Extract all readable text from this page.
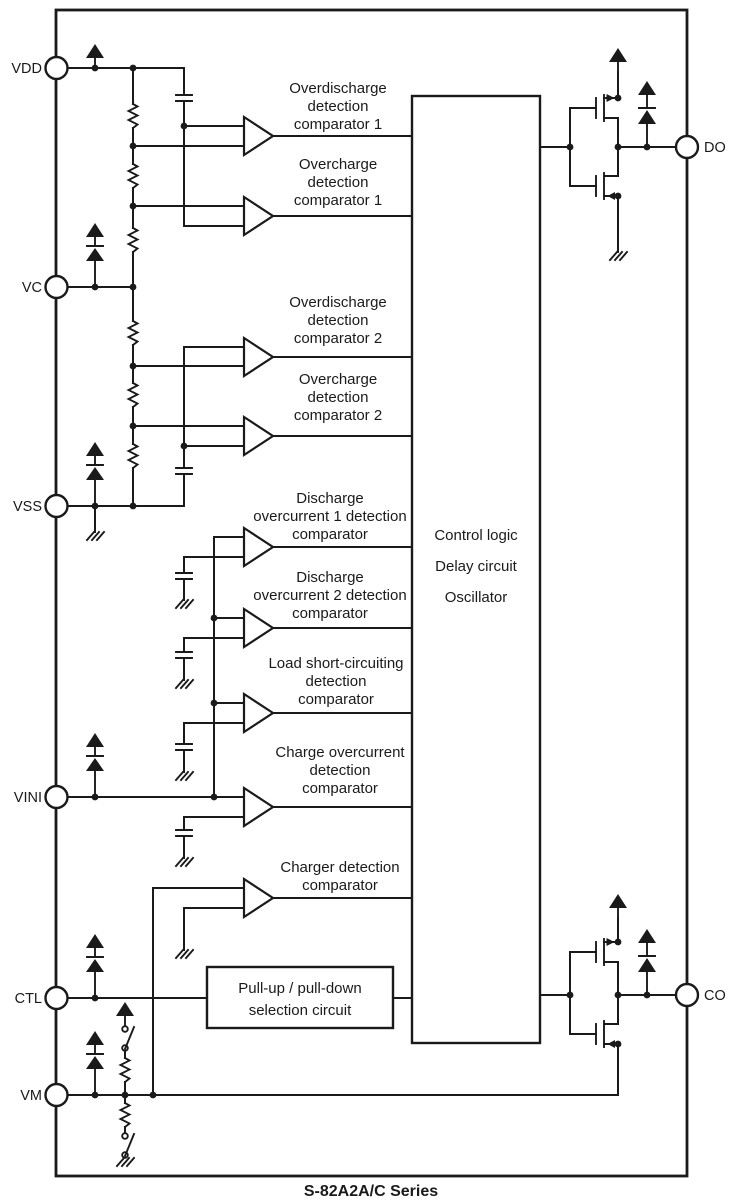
Overdischarge
detection
comparator 1
Overcharge
detection
comparator 1
Overdischarge
detection
comparator 2
Overcharge
detection
comparator 2
Discharge
overcurrent 1 detection
comparator
Discharge
overcurrent 2 detection
comparator
Load short-circuiting
detection
comparator
Charge overcurrent
detection
comparator
Charger detection
comparator
Control logic
Delay circuit
Oscillator
Pull-up / pull-down
selection circuit
VDD
VC
VSS
VINI
CTL
VM
DO
CO
S-82A2A/C Series
